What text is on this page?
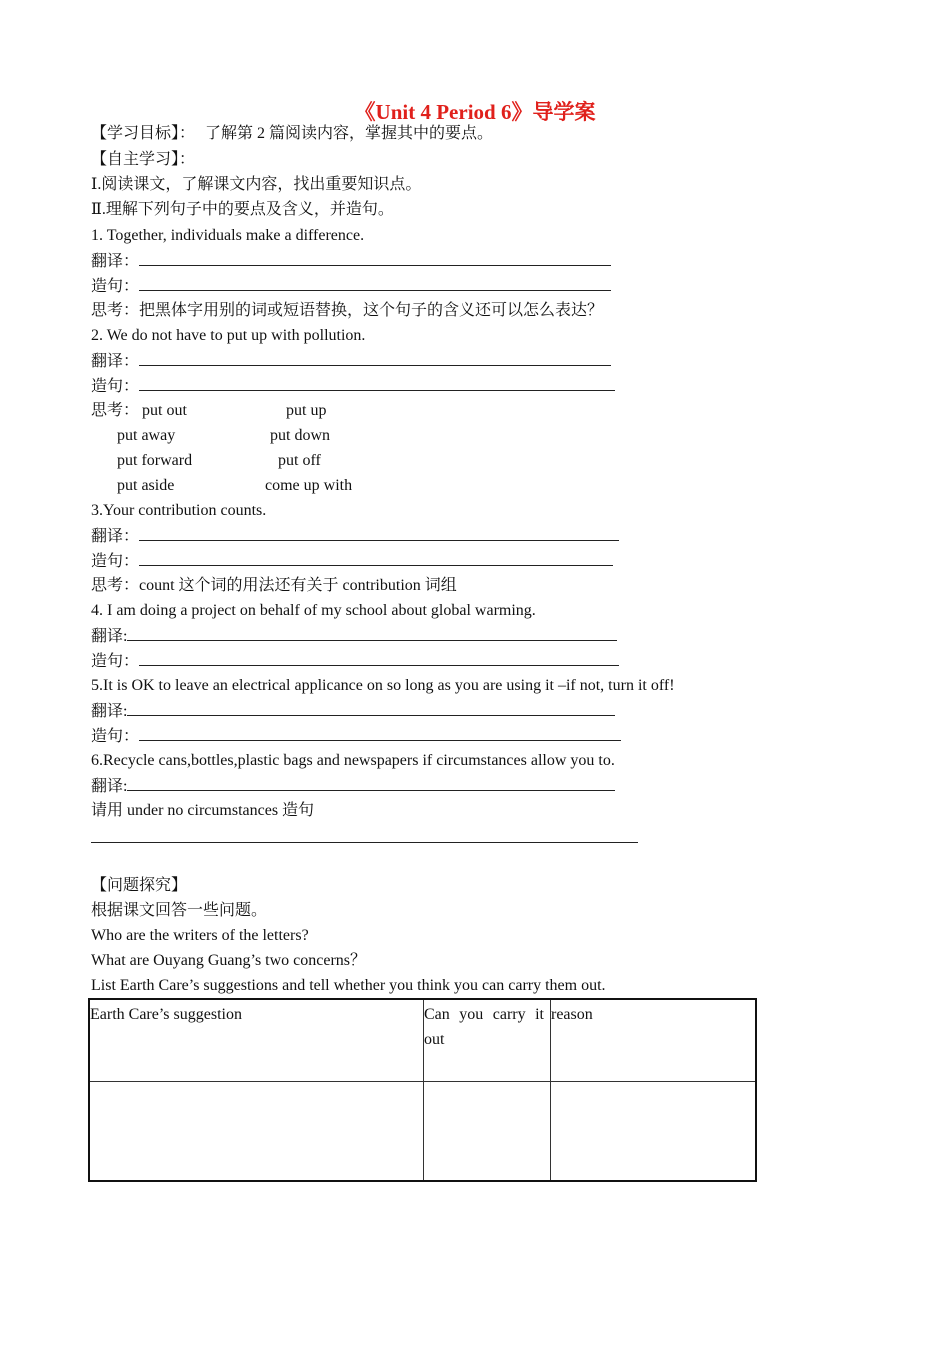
《Unit 4 Period 6》导学案
【学习目标】： 了解第 2 篇阅读内容，掌握其中的要点。
【自主学习】：
Ⅰ.阅读课文，了解课文内容，找出重要知识点。
Ⅱ.理解下列句子中的要点及含义，并造句。
1. Together, individuals make a difference.
翻译：
造句：
思考：把黑体字用别的词或短语替换，这个句子的含义还可以怎么表达？
2. We do not have to put up with pollution.
翻译：
造句：
思考： put out	put up
put away	put down
put forward	put off
put aside	come up with
3.Your contribution counts.
翻译：
造句：
思考：count 这个词的用法还有关于 contribution 词组
4. I am doing a project on behalf of my school about global warming.
翻译:
造句：
5.It is OK to leave an electrical applicance on so long as you are using it –if not, turn it off!
翻译:
造句：
6.Recycle cans,bottles,plastic bags and newspapers if circumstances allow you to.
翻译:
请用 under no circumstances 造句
【问题探究】
根据课文回答一些问题。
Who are the writers of the letters?
What are Ouyang Guang’s two concerns？
List Earth Care’s suggestions and tell whether you think you can carry them out.
Earth Care’s suggestion	Can you carry it out	reason
